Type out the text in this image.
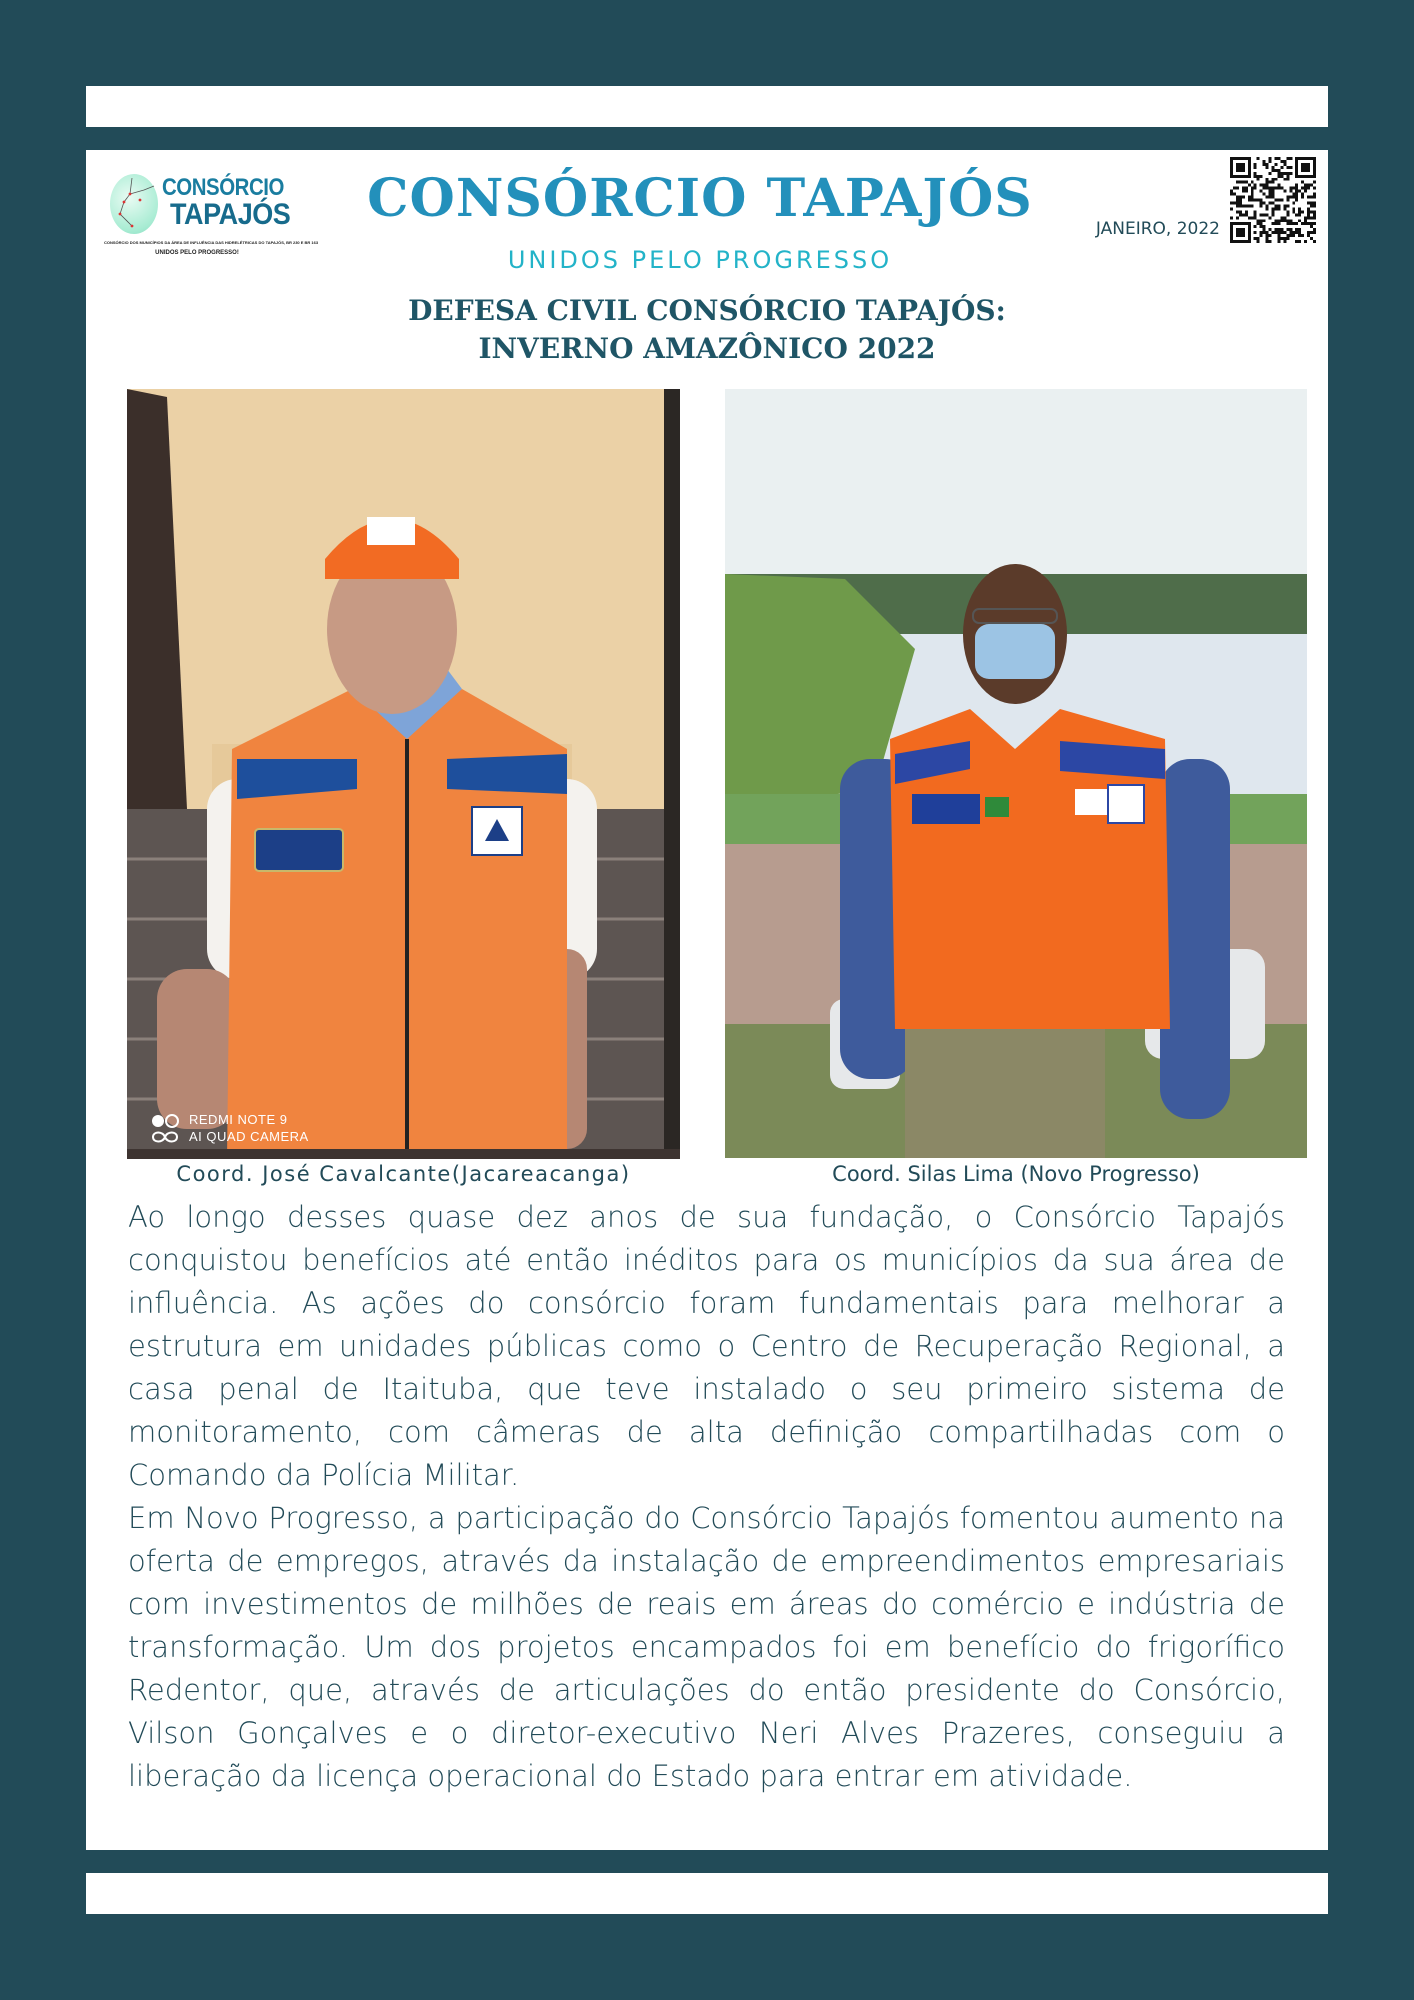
CONSÓRCIO
TAPAJÓS
CONSÓRCIO DOS MUNICÍPIOS DA ÁREA DE INFLUÊNCIA DAS HIDRELÉTRICAS DO TAPAJÓS, BR 230 E BR 163
UNIDOS PELO PROGRESSO!
CONSÓRCIO TAPAJÓS
UNIDOS PELO PROGRESSO
JANEIRO, 2022
DEFESA CIVIL CONSÓRCIO TAPAJÓS:
INVERNO AMAZÔNICO 2022
REDMI NOTE 9
AI QUAD CAMERA
Coord. José Cavalcante(Jacareacanga)	Coord. Silas Lima (Novo Progresso)

Ao longo desses quase dez anos de sua fundação, o Consórcio Tapajós conquistou benefícios até então inéditos para os municípios da sua área de influência. As ações do consórcio foram fundamentais para melhorar a estrutura em unidades públicas como o Centro de Recuperação Regional, a casa penal de Itaituba, que teve instalado o seu primeiro sistema de monitoramento, com câmeras de alta definição compartilhadas com o Comando da Polícia Militar.

Em Novo Progresso, a participação do Consórcio Tapajós fomentou aumento na oferta de empregos, através da instalação de empreendimentos empresariais com investimentos de milhões de reais em áreas do comércio e indústria de transformação. Um dos projetos encampados foi em benefício do frigorífico Redentor, que, através de articulações do então presidente do Consórcio, Vilson Gonçalves e o diretor-executivo Neri Alves Prazeres, conseguiu a liberação da licença operacional do Estado para entrar em atividade.
